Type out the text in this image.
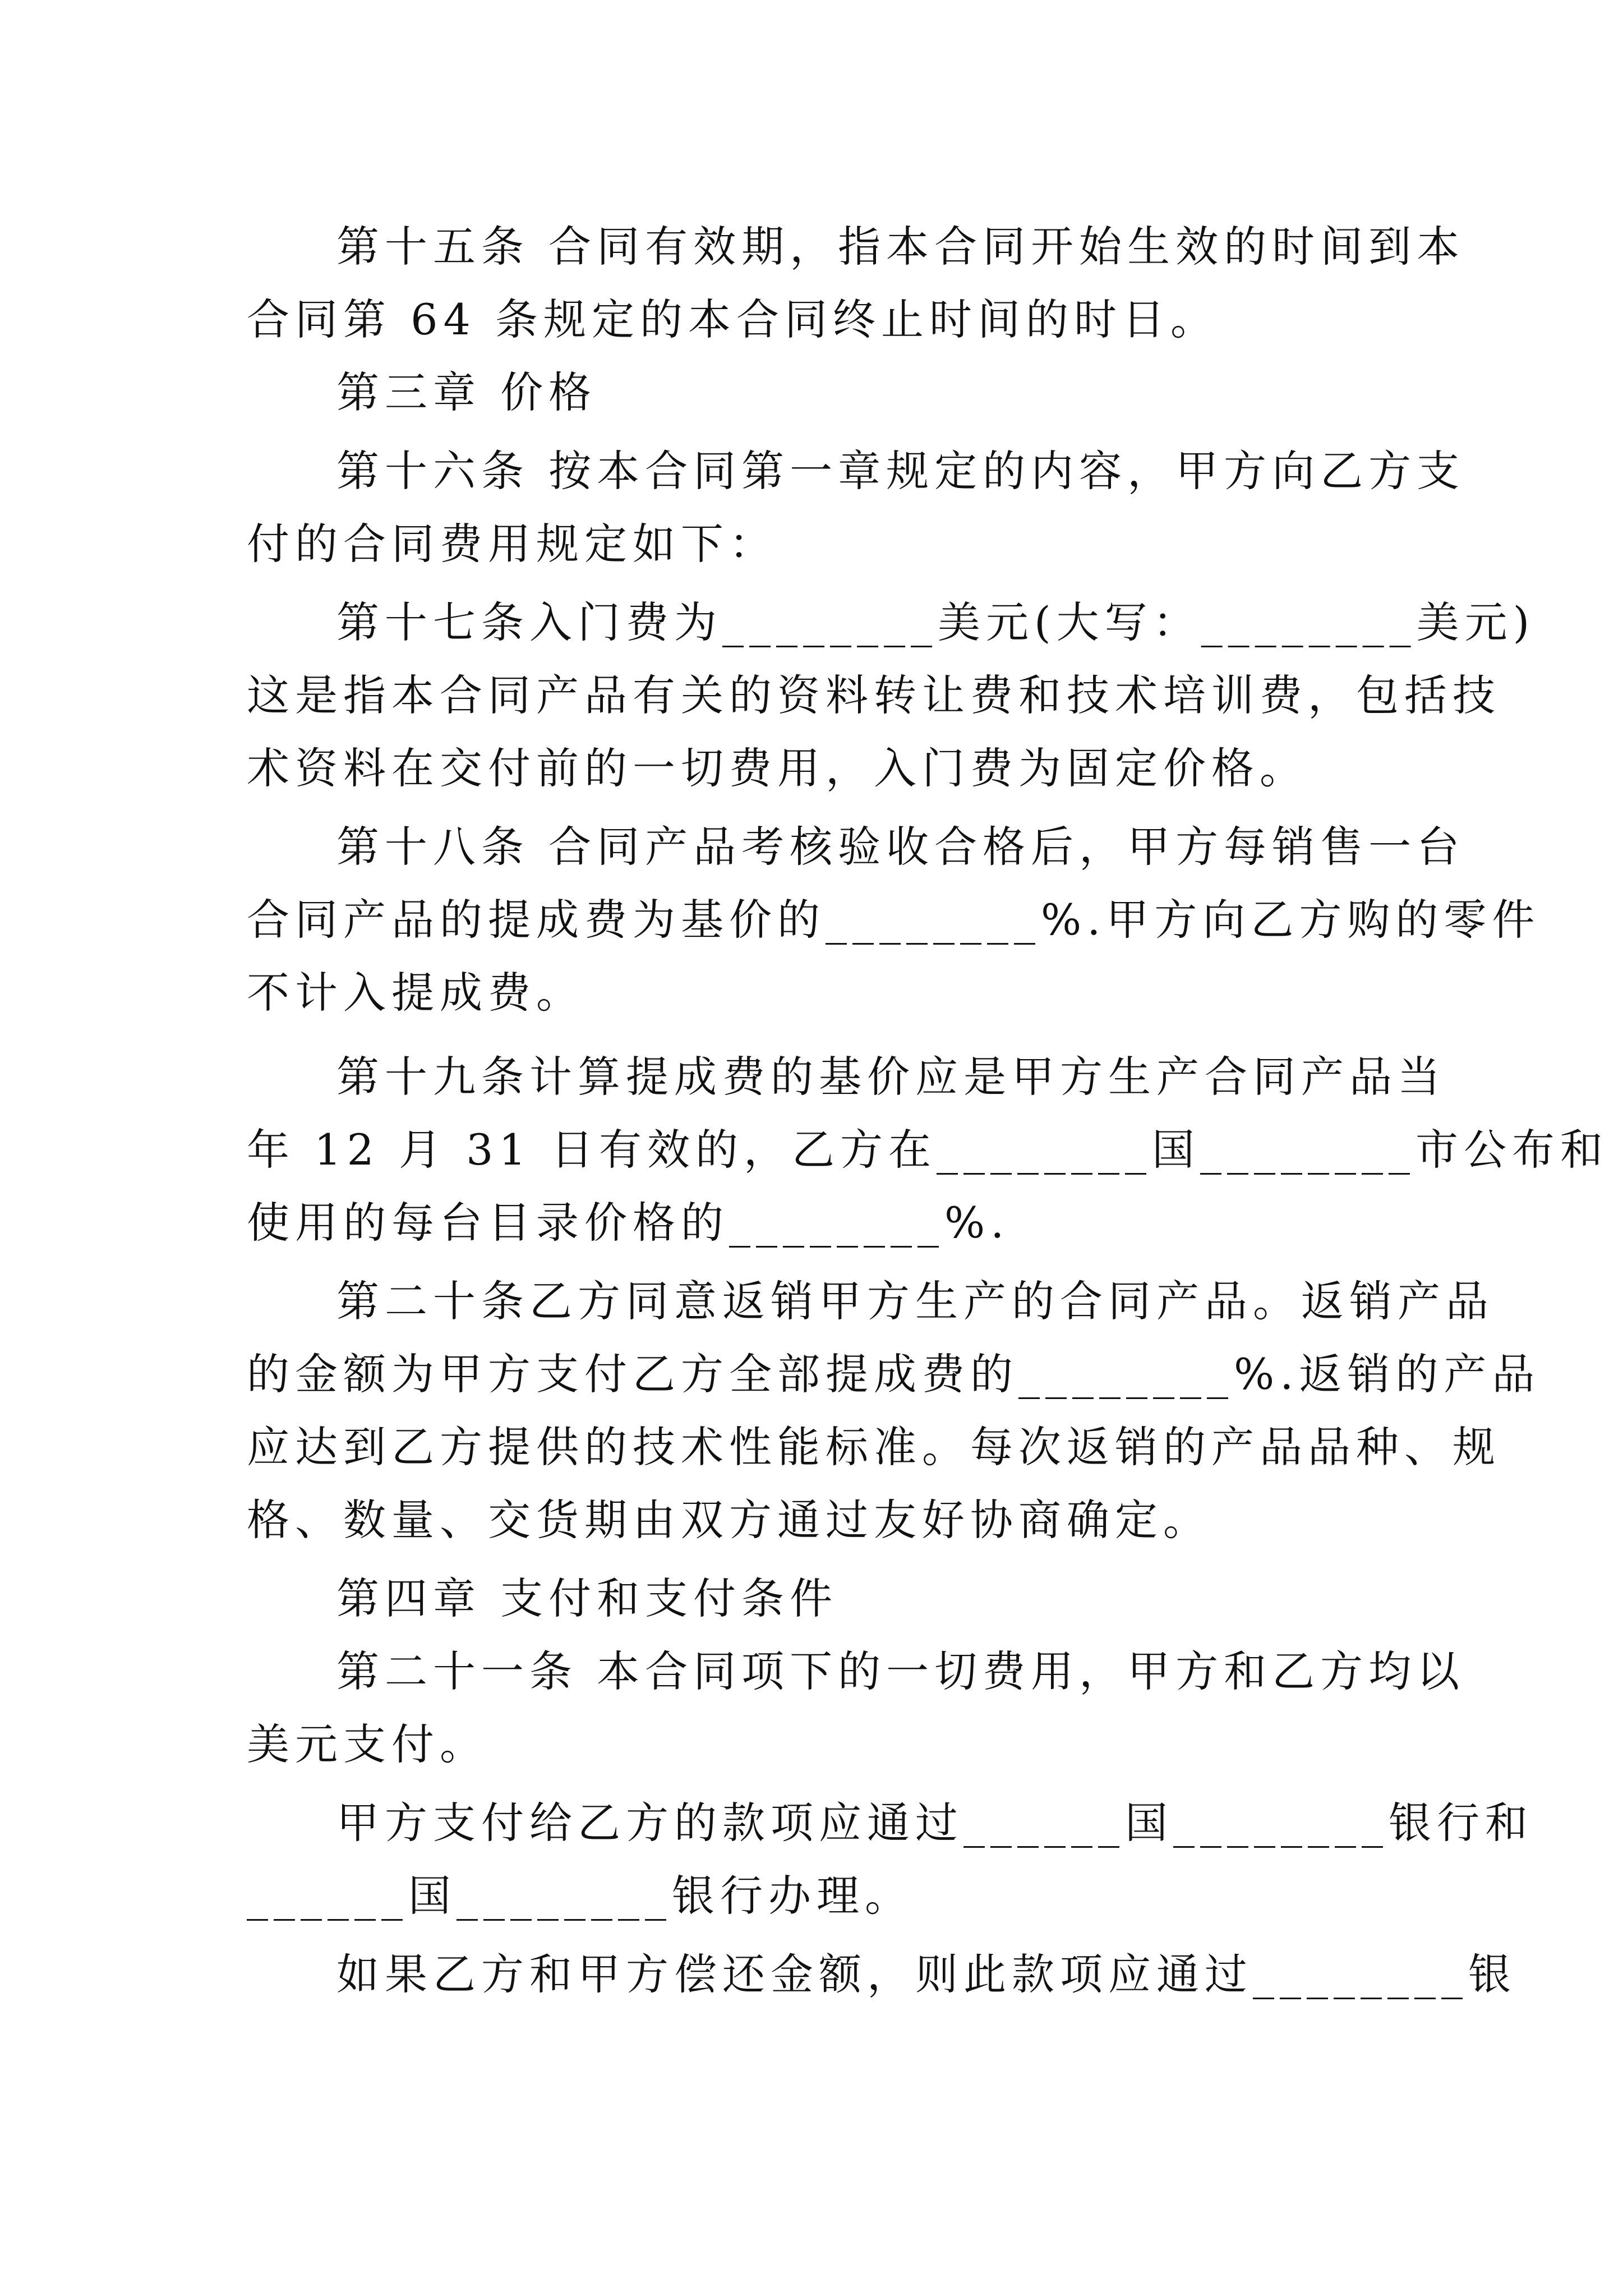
第十五条 合同有效期，指本合同开始生效的时间到本
合同第 64 条规定的本合同终止时间的时日。
第三章 价格
第十六条 按本合同第一章规定的内容，甲方向乙方支
付的合同费用规定如下：
第十七条入门费为________美元(大写：________美元)
这是指本合同产品有关的资料转让费和技术培训费，包括技
术资料在交付前的一切费用，入门费为固定价格。
第十八条 合同产品考核验收合格后，甲方每销售一台
合同产品的提成费为基价的________%.甲方向乙方购的零件
不计入提成费。
第十九条计算提成费的基价应是甲方生产合同产品当
年 12 月 31 日有效的，乙方在________国________市公布和
使用的每台目录价格的________%.
第二十条乙方同意返销甲方生产的合同产品。返销产品
的金额为甲方支付乙方全部提成费的________%.返销的产品
应达到乙方提供的技术性能标准。每次返销的产品品种、规
格、数量、交货期由双方通过友好协商确定。
第四章 支付和支付条件
第二十一条 本合同项下的一切费用，甲方和乙方均以
美元支付。
甲方支付给乙方的款项应通过______国________银行和
______国________银行办理。
如果乙方和甲方偿还金额，则此款项应通过________银
